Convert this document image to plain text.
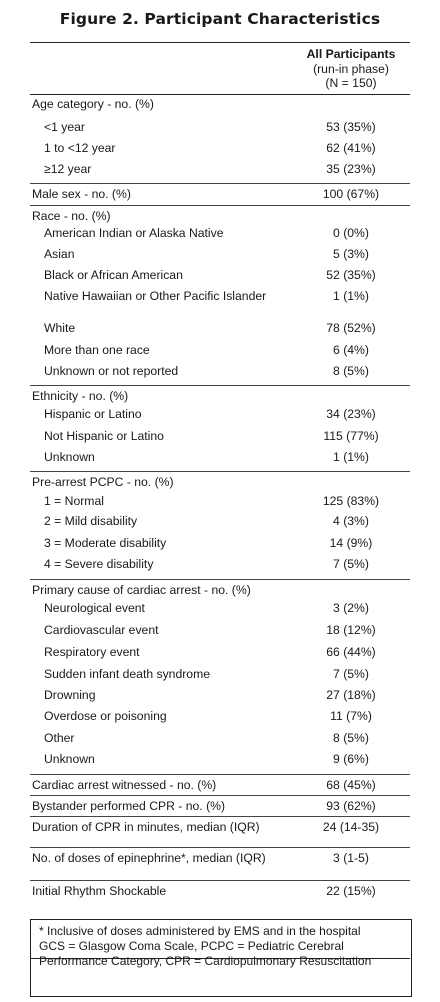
Figure 2. Participant Characteristics
All Participants
(run-in phase)
(N = 150)
Age category - no. (%)
<1 year	53 (35%)
1 to <12 year	62 (41%)
≥12 year	35 (23%)
Male sex - no. (%)	100 (67%)
Race - no. (%)
American Indian or Alaska Native	0 (0%)
Asian	5 (3%)
Black or African American	52 (35%)
Native Hawaiian or Other Pacific Islander	1 (1%)
White	78 (52%)
More than one race	6 (4%)
Unknown or not reported	8 (5%)
Ethnicity - no. (%)
Hispanic or Latino	34 (23%)
Not Hispanic or Latino	115 (77%)
Unknown	1 (1%)
Pre-arrest PCPC - no. (%)
1 = Normal	125 (83%)
2 = Mild disability	4 (3%)
3 = Moderate disability	14 (9%)
4 = Severe disability	7 (5%)
Primary cause of cardiac arrest - no. (%)
Neurological event	3 (2%)
Cardiovascular event	18 (12%)
Respiratory event	66 (44%)
Sudden infant death syndrome	7 (5%)
Drowning	27 (18%)
Overdose or poisoning	11 (7%)
Other	8 (5%)
Unknown	9 (6%)
Cardiac arrest witnessed - no. (%)	68 (45%)
Bystander performed CPR - no. (%)	93 (62%)
Duration of CPR in minutes, median (IQR)	24 (14-35)
No. of doses of epinephrine*, median (IQR)	3 (1-5)
Initial Rhythm Shockable	22 (15%)
* Inclusive of doses administered by EMS and in the hospital
GCS = Glasgow Coma Scale, PCPC = Pediatric Cerebral Performance Category, CPR = Cardiopulmonary Resuscitation
